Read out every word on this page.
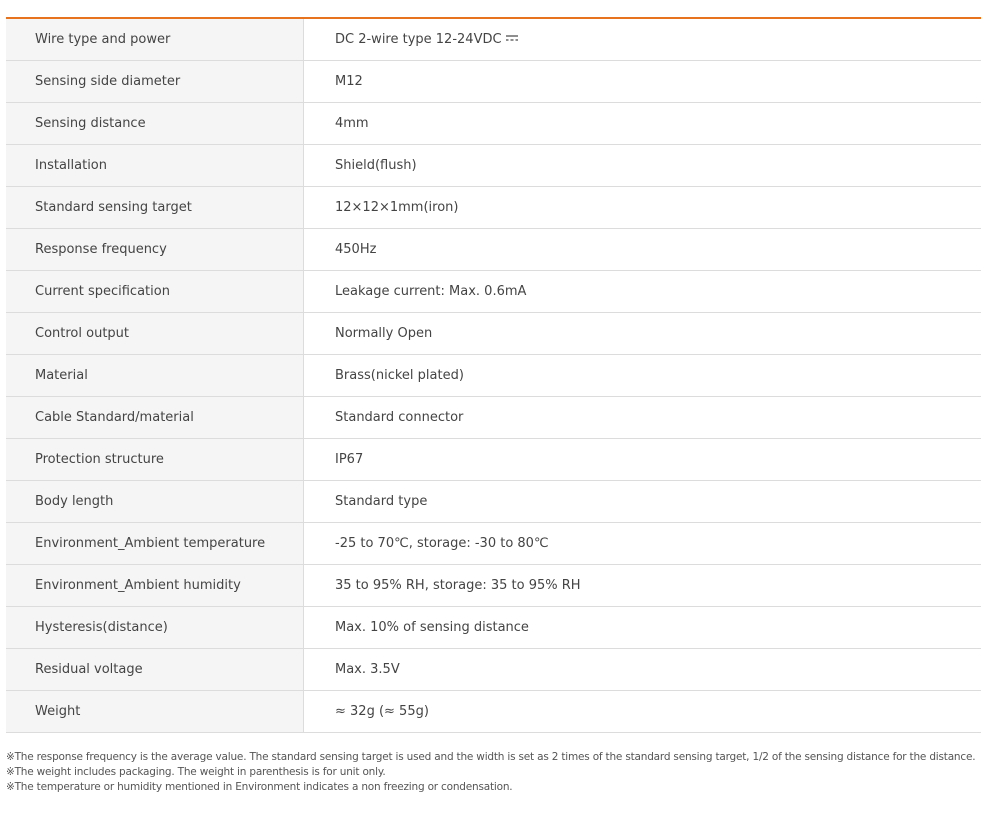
Wire type and power	DC 2-wire type 12-24VDC
Sensing side diameter	M12
Sensing distance	4mm
Installation	Shield(flush)
Standard sensing target	12×12×1mm(iron)
Response frequency	450Hz
Current specification	Leakage current: Max. 0.6mA
Control output	Normally Open
Material	Brass(nickel plated)
Cable Standard/material	Standard connector
Protection structure	IP67
Body length	Standard type
Environment_Ambient temperature	-25 to 70℃, storage: -30 to 80℃
Environment_Ambient humidity	35 to 95% RH, storage: 35 to 95% RH
Hysteresis(distance)	Max. 10% of sensing distance
Residual voltage	Max. 3.5V
Weight	≈ 32g (≈ 55g)
※The response frequency is the average value. The standard sensing target is used and the width is set as 2 times of the standard sensing target, 1/2 of the sensing distance for the distance.
※The weight includes packaging. The weight in parenthesis is for unit only.
※The temperature or humidity mentioned in Environment indicates a non freezing or condensation.
